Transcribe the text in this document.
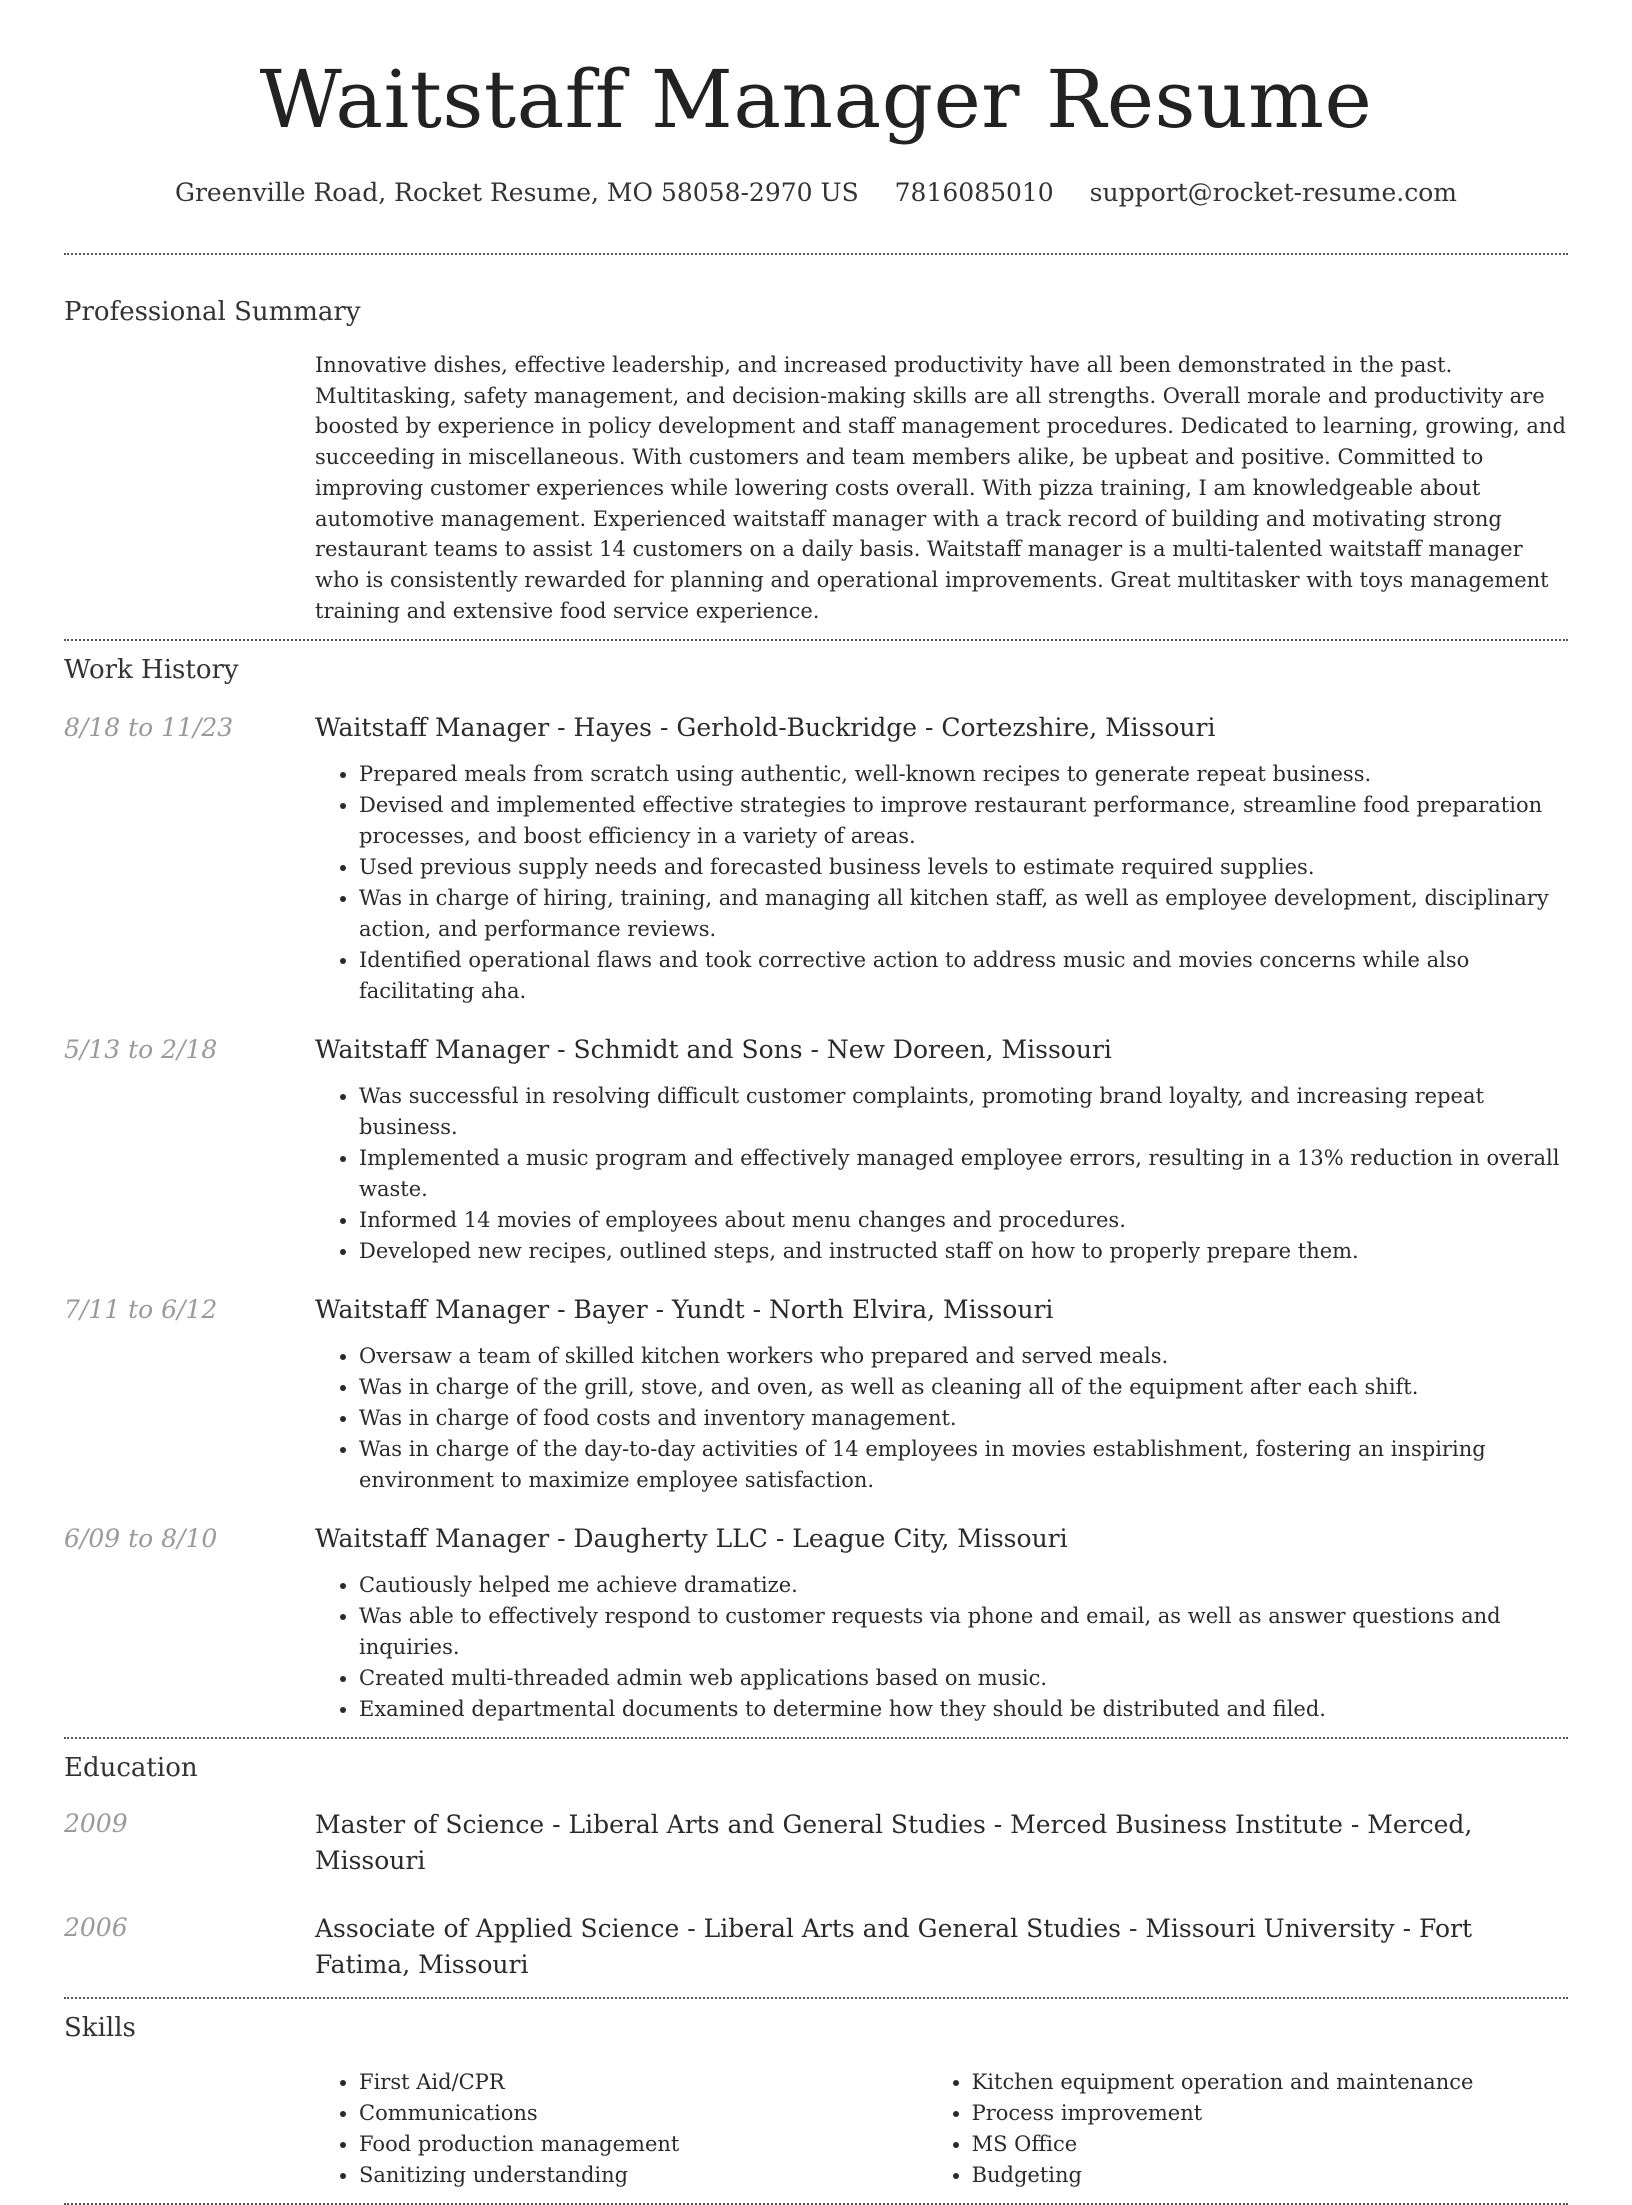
Waitstaff Manager Resume
Greenville Road, Rocket Resume, MO 58058-2970 US 7816085010 support@rocket-resume.com
Professional Summary
Innovative dishes, effective leadership, and increased productivity have all been demonstrated in the past. Multitasking, safety management, and decision-making skills are all strengths. Overall morale and productivity are boosted by experience in policy development and staff management procedures. Dedicated to learning, growing, and succeeding in miscellaneous. With customers and team members alike, be upbeat and positive. Committed to improving customer experiences while lowering costs overall. With pizza training, I am knowledgeable about automotive management. Experienced waitstaff manager with a track record of building and motivating strong restaurant teams to assist 14 customers on a daily basis. Waitstaff manager is a multi-talented waitstaff manager who is consistently rewarded for planning and operational improvements. Great multitasker with toys management training and extensive food service experience.
Work History
8/18 to 11/23	Waitstaff Manager - Hayes - Gerhold-Buckridge - Cortezshire, Missouri
• Prepared meals from scratch using authentic, well-known recipes to generate repeat business.
• Devised and implemented effective strategies to improve restaurant performance, streamline food preparation processes, and boost efficiency in a variety of areas.
• Used previous supply needs and forecasted business levels to estimate required supplies.
• Was in charge of hiring, training, and managing all kitchen staff, as well as employee development, disciplinary action, and performance reviews.
• Identified operational flaws and took corrective action to address music and movies concerns while also facilitating aha.
5/13 to 2/18	Waitstaff Manager - Schmidt and Sons - New Doreen, Missouri
• Was successful in resolving difficult customer complaints, promoting brand loyalty, and increasing repeat business.
• Implemented a music program and effectively managed employee errors, resulting in a 13% reduction in overall waste.
• Informed 14 movies of employees about menu changes and procedures.
• Developed new recipes, outlined steps, and instructed staff on how to properly prepare them.
7/11 to 6/12	Waitstaff Manager - Bayer - Yundt - North Elvira, Missouri
• Oversaw a team of skilled kitchen workers who prepared and served meals.
• Was in charge of the grill, stove, and oven, as well as cleaning all of the equipment after each shift.
• Was in charge of food costs and inventory management.
• Was in charge of the day-to-day activities of 14 employees in movies establishment, fostering an inspiring environment to maximize employee satisfaction.
6/09 to 8/10	Waitstaff Manager - Daugherty LLC - League City, Missouri
• Cautiously helped me achieve dramatize.
• Was able to effectively respond to customer requests via phone and email, as well as answer questions and inquiries.
• Created multi-threaded admin web applications based on music.
• Examined departmental documents to determine how they should be distributed and filed.
Education
2009	Master of Science - Liberal Arts and General Studies - Merced Business Institute - Merced, Missouri
2006	Associate of Applied Science - Liberal Arts and General Studies - Missouri University - Fort Fatima, Missouri
Skills
• First Aid/CPR
• Communications
• Food production management
• Sanitizing understanding
• Kitchen equipment operation and maintenance
• Process improvement
• MS Office
• Budgeting
